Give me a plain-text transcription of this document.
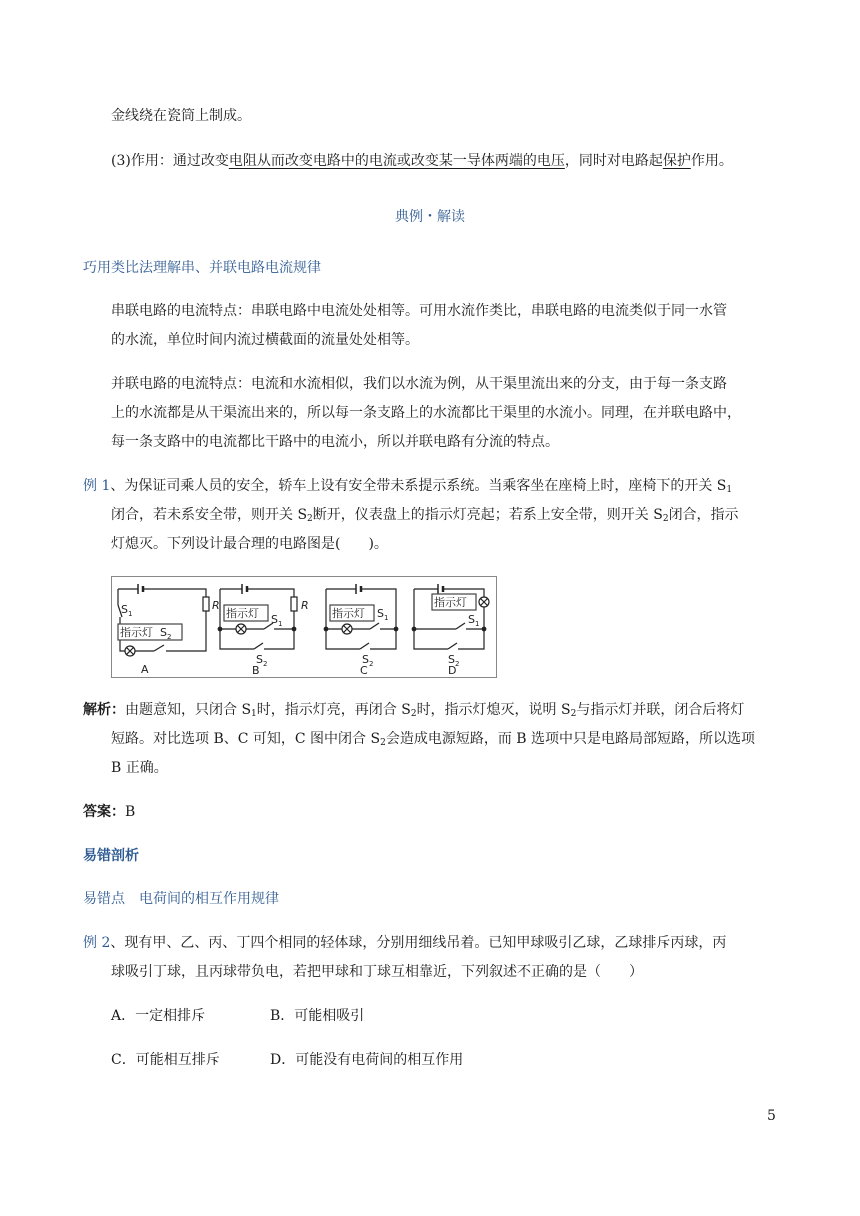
金线绕在瓷筒上制成。
(3)作用：通过改变电阻从而改变电路中的电流或改变某一导体两端的电压，同时对电路起保护作用。
典例・解读
巧用类比法理解串、并联电路电流规律
串联电路的电流特点：串联电路中电流处处相等。可用水流作类比，串联电路的电流类似于同一水管
的水流，单位时间内流过横截面的流量处处相等。
并联电路的电流特点：电流和水流相似，我们以水流为例，从干渠里流出来的分支，由于每一条支路
上的水流都是从干渠流出来的，所以每一条支路上的水流都比干渠里的水流小。同理，在并联电路中，
每一条支路中的电流都比干路中的电流小，所以并联电路有分流的特点。
例 1、为保证司乘人员的安全，轿车上设有安全带未系提示系统。当乘客坐在座椅上时，座椅下的开关 $S_1$
闭合，若未系安全带，则开关 $S_2$断开，仪表盘上的指示灯亮起；若系上安全带，则开关 $S_2$闭合，指示
灯熄灭。下列设计最合理的电路图是(　　)。
S 1
指示灯 S 2
R
A
指示灯 S 1
S 2
R
B
指示灯 S 1
S 2
C
指示灯
S 1
S 2
D
解析：由题意知，只闭合 $S_1$时，指示灯亮，再闭合 $S_2$时，指示灯熄灭，说明 $S_2$与指示灯并联，闭合后将灯
短路。对比选项 B、C 可知，C 图中闭合 $S_2$会造成电源短路，而 B 选项中只是电路局部短路，所以选项
B 正确。
答案：B
易错剖析
易错点　电荷间的相互作用规律
例 2、现有甲、乙、丙、丁四个相同的轻体球，分别用细线吊着。已知甲球吸引乙球，乙球排斥丙球，丙
球吸引丁球，且丙球带负电，若把甲球和丁球互相靠近，下列叙述不正确的是（　　）
A．一定相排斥	B．可能相吸引
C．可能相互排斥	D．可能没有电荷间的相互作用
5
